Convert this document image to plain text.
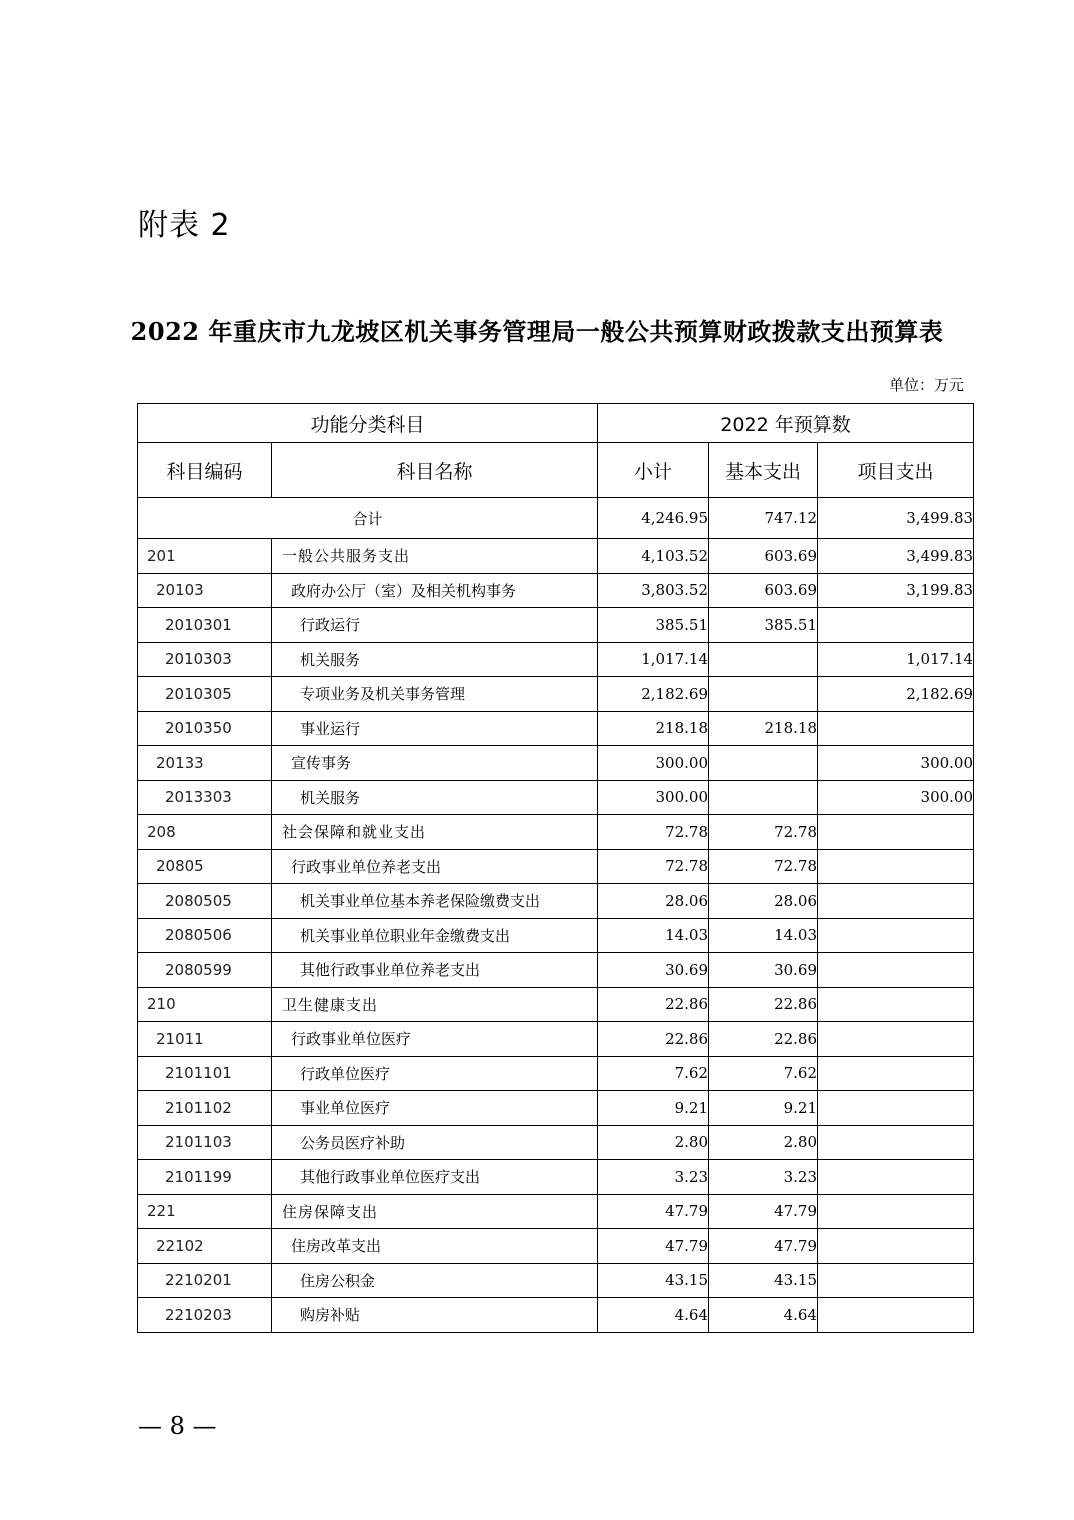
附表 2
2022 年重庆市九龙坡区机关事务管理局一般公共预算财政拨款支出预算表
单位：万元
功能分类科目		2022 年预算数		
科目编码	科目名称	小计	基本支出	项目支出
合计		4,246.95	747.12	3,499.83
201	一般公共服务支出	4,103.52	603.69	3,499.83
20103	政府办公厅（室）及相关机构事务	3,803.52	603.69	3,199.83
2010301	行政运行	385.51	385.51	
2010303	机关服务	1,017.14		1,017.14
2010305	专项业务及机关事务管理	2,182.69		2,182.69
2010350	事业运行	218.18	218.18	
20133	宣传事务	300.00		300.00
2013303	机关服务	300.00		300.00
208	社会保障和就业支出	72.78	72.78	
20805	行政事业单位养老支出	72.78	72.78	
2080505	机关事业单位基本养老保险缴费支出	28.06	28.06	
2080506	机关事业单位职业年金缴费支出	14.03	14.03	
2080599	其他行政事业单位养老支出	30.69	30.69	
210	卫生健康支出	22.86	22.86	
21011	行政事业单位医疗	22.86	22.86	
2101101	行政单位医疗	7.62	7.62	
2101102	事业单位医疗	9.21	9.21	
2101103	公务员医疗补助	2.80	2.80	
2101199	其他行政事业单位医疗支出	3.23	3.23	
221	住房保障支出	47.79	47.79	
22102	住房改革支出	47.79	47.79	
2210201	住房公积金	43.15	43.15	
2210203	购房补贴	4.64	4.64	
— 8 —
